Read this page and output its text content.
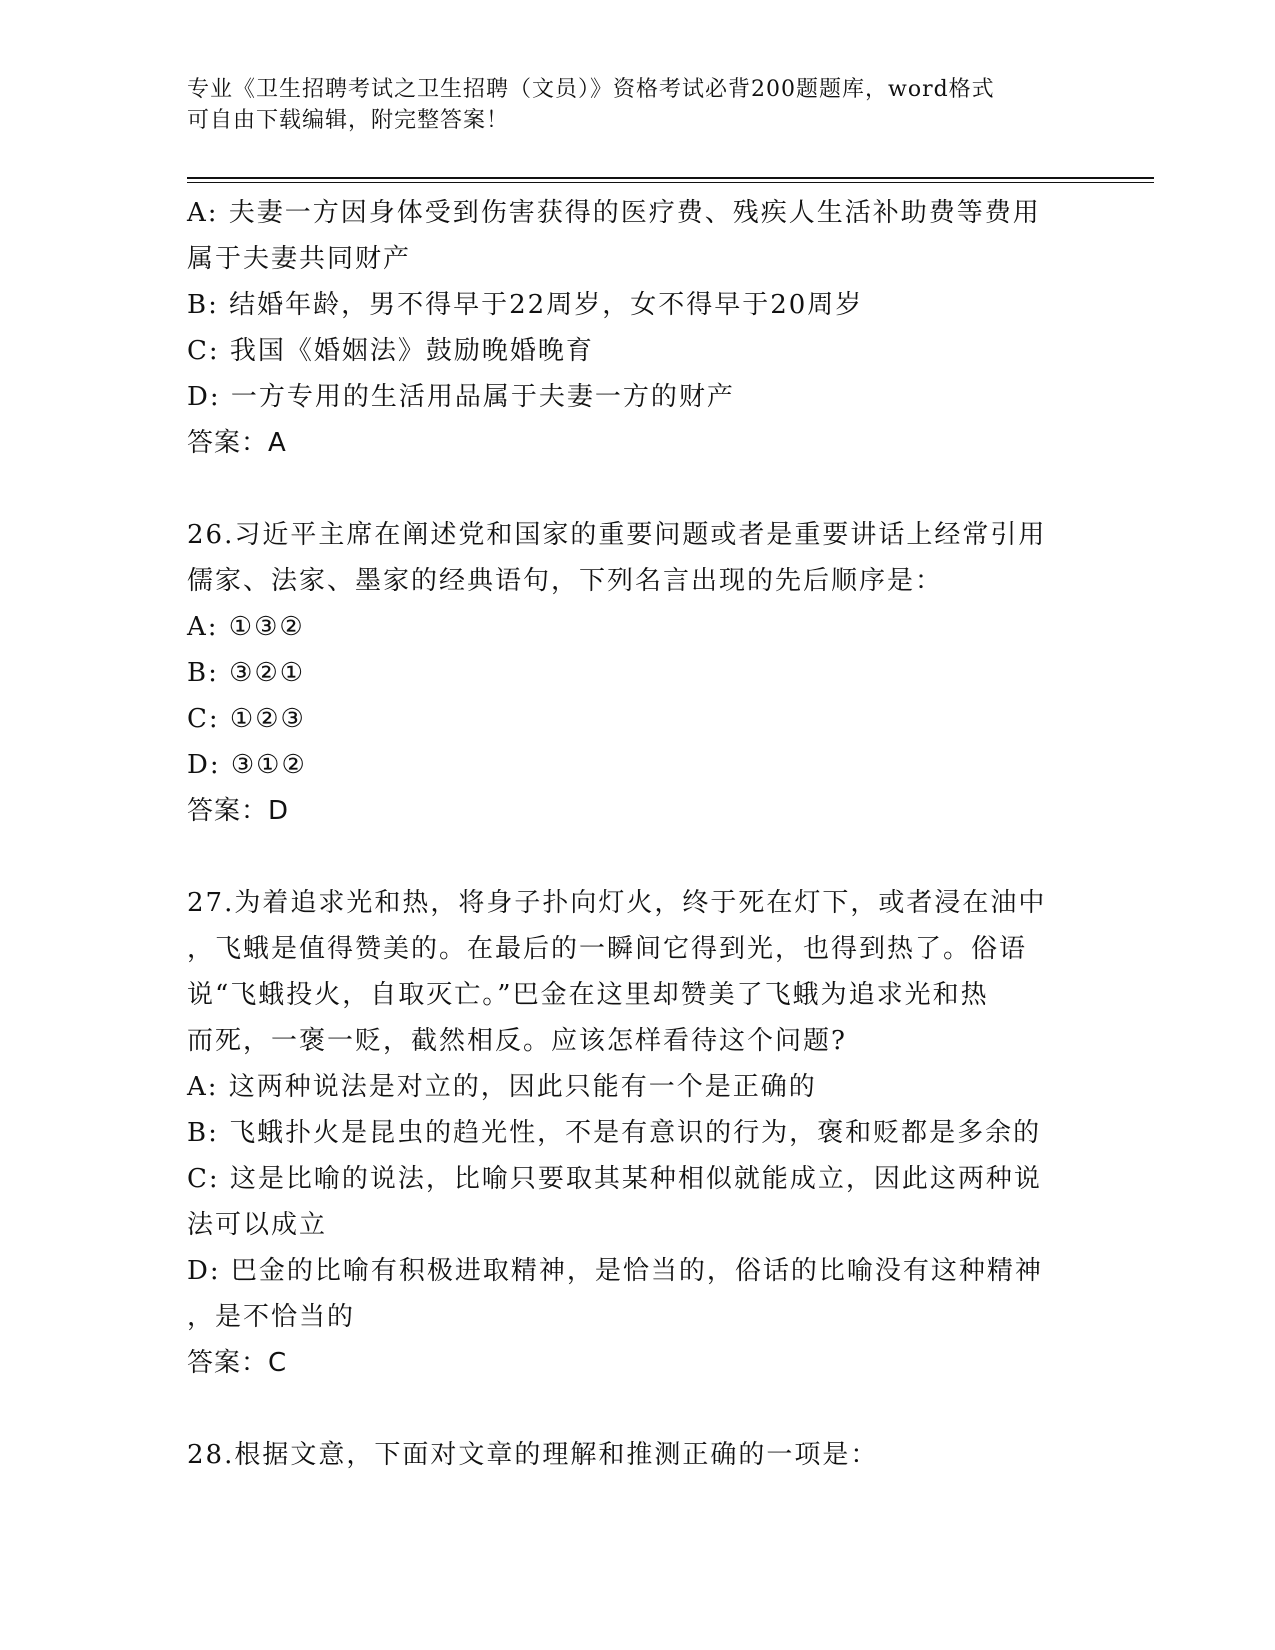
专业《卫生招聘考试之卫生招聘（文员）》资格考试必背200题题库，word格式
可自由下载编辑，附完整答案！
A: 夫妻一方因身体受到伤害获得的医疗费、残疾人生活补助费等费用
属于夫妻共同财产
B: 结婚年龄，男不得早于22周岁，女不得早于20周岁
C: 我国《婚姻法》鼓励晚婚晚育
D: 一方专用的生活用品属于夫妻一方的财产
答案：A
26.习近平主席在阐述党和国家的重要问题或者是重要讲话上经常引用
儒家、法家、墨家的经典语句，下列名言出现的先后顺序是：
A: ①③②
B: ③②①
C: ①②③
D: ③①②
答案：D
27.为着追求光和热，将身子扑向灯火，终于死在灯下，或者浸在油中
，飞蛾是值得赞美的。在最后的一瞬间它得到光，也得到热了。俗语
说“飞蛾投火，自取灭亡。”巴金在这里却赞美了飞蛾为追求光和热
而死，一褒一贬，截然相反。应该怎样看待这个问题?
A: 这两种说法是对立的，因此只能有一个是正确的
B: 飞蛾扑火是昆虫的趋光性，不是有意识的行为，褒和贬都是多余的
C: 这是比喻的说法，比喻只要取其某种相似就能成立，因此这两种说
法可以成立
D: 巴金的比喻有积极进取精神，是恰当的，俗话的比喻没有这种精神
，是不恰当的
答案：C
28.根据文意，下面对文章的理解和推测正确的一项是：
